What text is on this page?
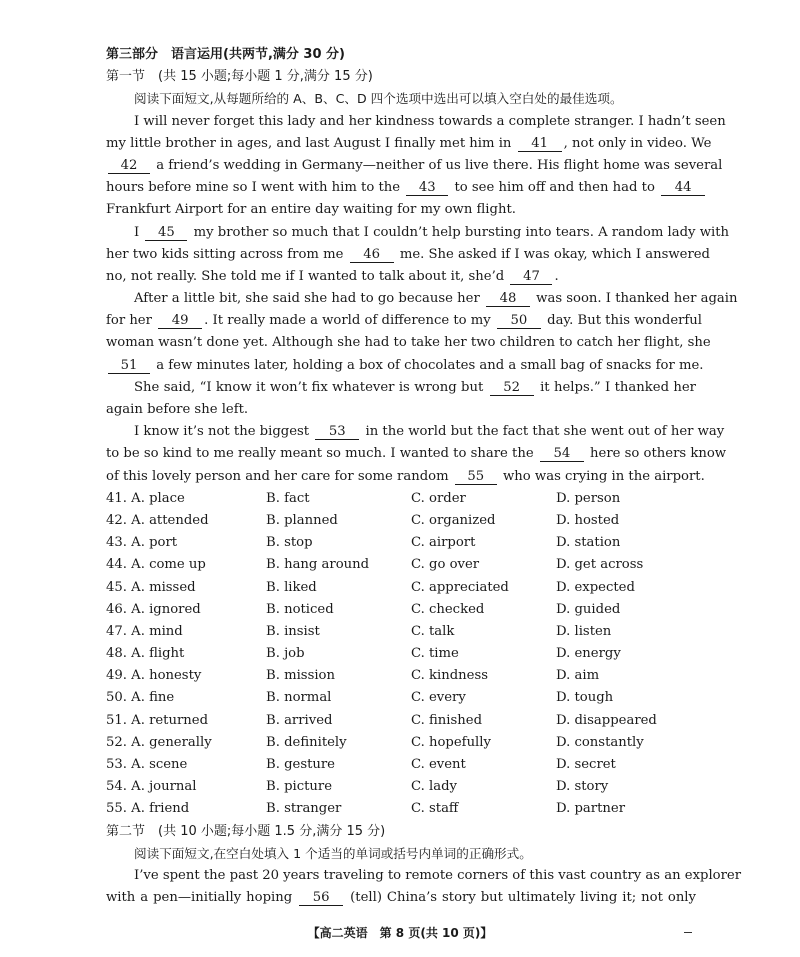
第三部分　语言运用(共两节,满分 30 分)
第一节　(共 15 小题;每小题 1 分,满分 15 分)
阅读下面短文,从每题所给的 A、B、C、D 四个选项中选出可以填入空白处的最佳选项。
I will never forget this lady and her kindness towards a complete stranger. I hadn’t seen
my little brother in ages, and last August I finally met him in 41 , not only in video. We
42 a friend’s wedding in Germany—neither of us live there. His flight home was several
hours before mine so I went with him to the 43 to see him off and then had to 44
Frankfurt Airport for an entire day waiting for my own flight.
I 45 my brother so much that I couldn’t help bursting into tears. A random lady with
her two kids sitting across from me 46 me. She asked if I was okay, which I answered
no, not really. She told me if I wanted to talk about it, she’d 47 .
After a little bit, she said she had to go because her 48 was soon. I thanked her again
for her 49 . It really made a world of difference to my 50 day. But this wonderful
woman wasn’t done yet. Although she had to take her two children to catch her flight, she
51 a few minutes later, holding a box of chocolates and a small bag of snacks for me.
She said, “I know it won’t fix whatever is wrong but 52 it helps.” I thanked her
again before she left.
I know it’s not the biggest 53 in the world but the fact that she went out of her way
to be so kind to me really meant so much. I wanted to share the 54 here so others know
of this lovely person and her care for some random 55 who was crying in the airport.
41. A. place	B. fact	C. order	D. person
42. A. attended	B. planned	C. organized	D. hosted
43. A. port	B. stop	C. airport	D. station
44. A. come up	B. hang around	C. go over	D. get across
45. A. missed	B. liked	C. appreciated	D. expected
46. A. ignored	B. noticed	C. checked	D. guided
47. A. mind	B. insist	C. talk	D. listen
48. A. flight	B. job	C. time	D. energy
49. A. honesty	B. mission	C. kindness	D. aim
50. A. fine	B. normal	C. every	D. tough
51. A. returned	B. arrived	C. finished	D. disappeared
52. A. generally	B. definitely	C. hopefully	D. constantly
53. A. scene	B. gesture	C. event	D. secret
54. A. journal	B. picture	C. lady	D. story
55. A. friend	B. stranger	C. staff	D. partner
第二节　(共 10 小题;每小题 1.5 分,满分 15 分)
阅读下面短文,在空白处填入 1 个适当的单词或括号内单词的正确形式。
I’ve spent the past 20 years traveling to remote corners of this vast country as an explorer
with a pen—initially hoping 56 (tell) China’s story but ultimately living it; not only
【高二英语　第 8 页(共 10 页)】
